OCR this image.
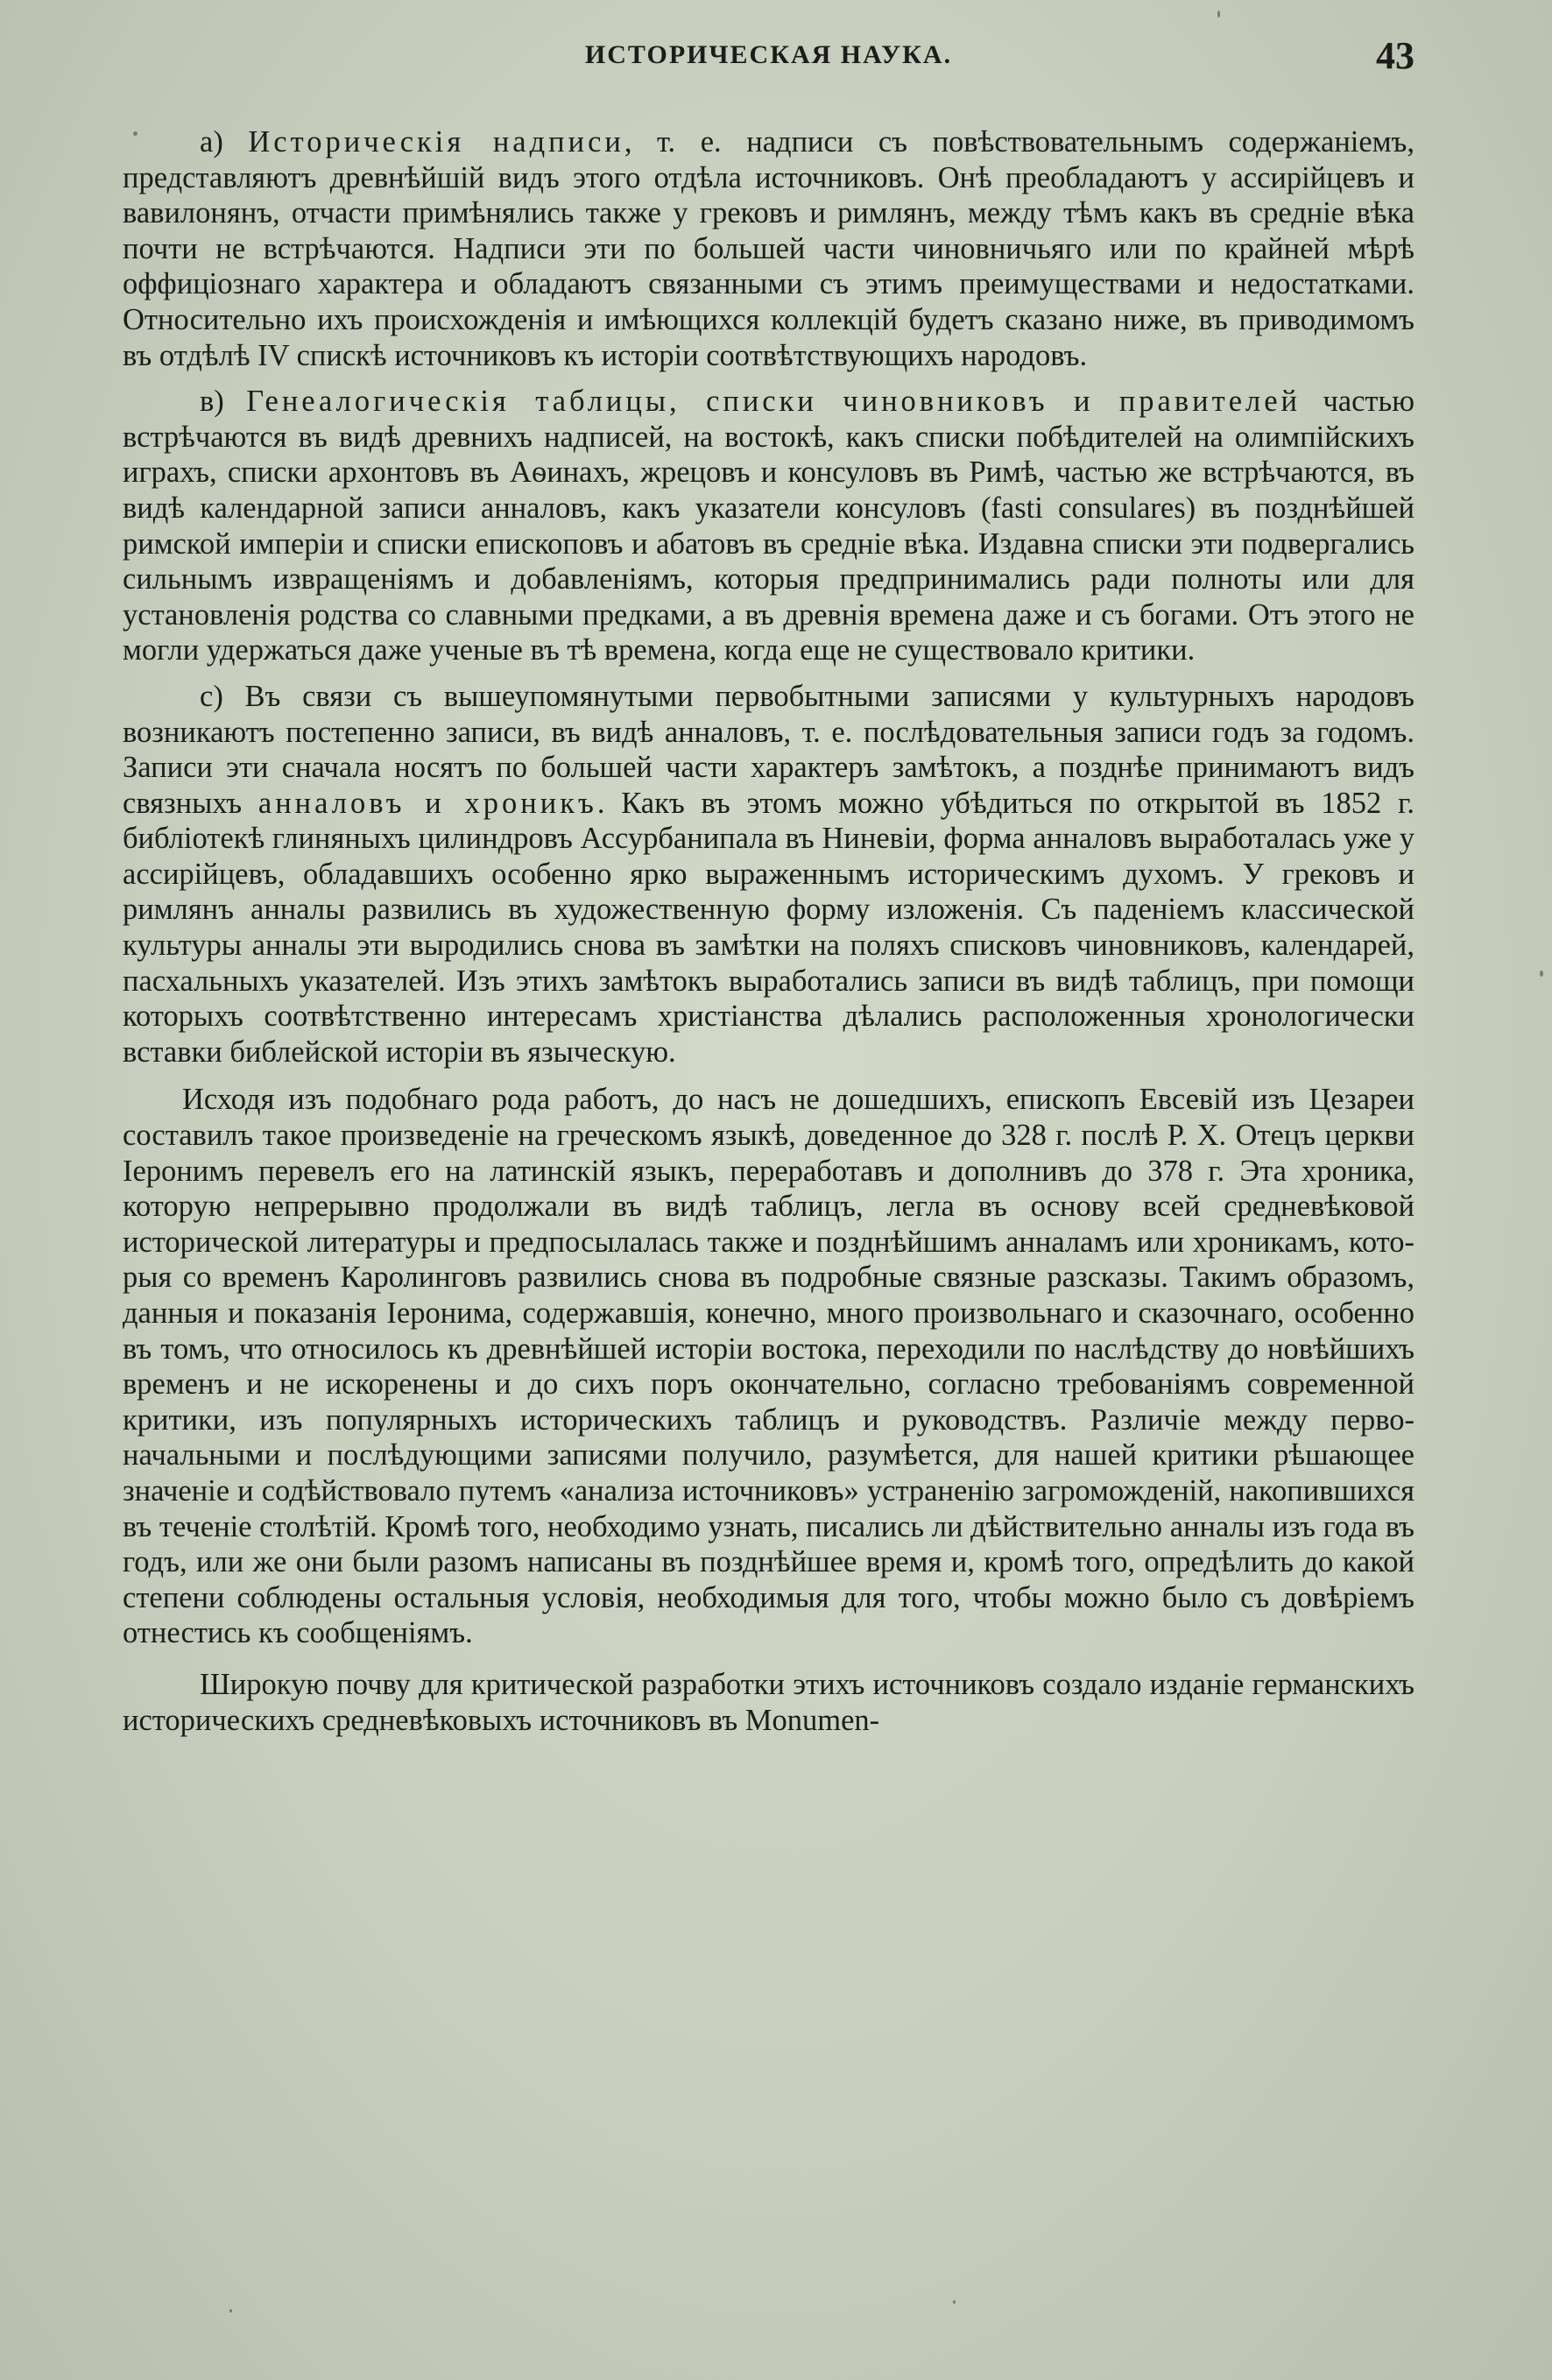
ИСТОРИЧЕСКАЯ НАУКА.	43

а) Историческія надписи, т. е. надписи съ повѣствовательнымъ содержаніемъ, представляютъ древнѣйшій видъ этого отдѣла источниковъ. Онѣ преобладаютъ у ассирійцевъ и вавилонянъ, отчасти примѣнялись также у грековъ и римлянъ, между тѣмъ какъ въ средніе вѣка почти не встрѣчаются. Надписи эти по большей части чиновничьяго или по крайней мѣрѣ оффиціознаго характера и обладаютъ связанными съ этимъ преимуществами и недостатками. Относительно ихъ происхожденія и имѣющихся коллекцій будетъ сказано ниже, въ приводимомъ въ отдѣлѣ IV спискѣ источниковъ къ исторіи соотвѣтствующихъ народовъ.

в) Генеалогическія таблицы, списки чиновниковъ и правителей частью встрѣчаются въ видѣ древнихъ надписей, на востокѣ, какъ списки побѣдителей на олимпійскихъ играхъ, списки архонтовъ въ Аѳинахъ, жрецовъ и консуловъ въ Римѣ, частью же встрѣчаются, въ видѣ календарной записи анналовъ, какъ указатели консуловъ (fasti consulares) въ позднѣйшей римской имперіи и списки епископовъ и абатовъ въ средніе вѣка. Издавна списки эти подвергались сильнымъ извращеніямъ и добавленіямъ, которыя предпринимались ради полноты или для установленія родства со славными предками, а въ древнія времена даже и съ богами. Отъ этого не могли удержаться даже ученые въ тѣ времена, когда еще не существовало критики.

с) Въ связи съ вышеупомянутыми первобытными записями у культурныхъ народовъ возникаютъ постепенно записи, въ видѣ анналовъ, т. е. послѣдовательныя записи годъ за годомъ. Записи эти сначала носятъ по большей части характеръ замѣтокъ, а позднѣе принимаютъ видъ связныхъ анналовъ и хроникъ. Какъ въ этомъ можно убѣдиться по открытой въ 1852 г. библіотекѣ глиняныхъ цилиндровъ Ассурбанипала въ Ниневіи, форма анналовъ выработалась уже у ассирійцевъ, обладавшихъ особенно ярко выраженнымъ историческимъ духомъ. У грековъ и римлянъ анналы развились въ художественную форму изложенія. Съ паденіемъ классической культуры анналы эти выродились снова въ замѣтки на поляхъ списковъ чиновниковъ, календарей, пасхальныхъ указателей. Изъ этихъ замѣтокъ выработались записи въ видѣ таблицъ, при помощи которыхъ соотвѣтственно интересамъ христіанства дѣлались расположенныя хронологически вставки библейской исторіи въ языческую.

Исходя изъ подобнаго рода работъ, до насъ не дошедшихъ, епископъ Евсевій изъ Цезареи составилъ такое произведеніе на греческомъ языкѣ, доведенное до 328 г. послѣ Р. Х. Отецъ церкви Іеронимъ перевелъ его на латинскій языкъ, переработавъ и дополнивъ до 378 г. Эта хроника, которую непрерывно продолжали въ видѣ таблицъ, легла въ основу всей средневѣковой исторической литературы и предпосылалась также и позднѣйшимъ анналамъ или хроникамъ, которыя со временъ Каролинговъ развились снова въ подробные связные разсказы. Такимъ образомъ, данныя и показанія Іеронима, содержавшія, конечно, много произвольнаго и сказочнаго, особенно въ томъ, что относилось къ древнѣйшей исторіи востока, переходили по наслѣдству до новѣйшихъ временъ и не искоренены и до сихъ поръ окончательно, согласно требованіямъ современной критики, изъ популярныхъ историческихъ таблицъ и руководствъ. Различіе между первоначальными и послѣдующими записями получило, разумѣется, для нашей критики рѣшающее значеніе и содѣйствовало путемъ «анализа источниковъ» устраненію загроможденій, накопившихся въ теченіе столѣтій. Кромѣ того, необходимо узнать, писались ли дѣйствительно анналы изъ года въ годъ, или же они были разомъ написаны въ позднѣйшее время и, кромѣ того, опредѣлить до какой степени соблюдены остальныя условія, необходимыя для того, чтобы можно было съ довѣріемъ отнестись къ сообщеніямъ.

Широкую почву для критической разработки этихъ источниковъ создало изданіе германскихъ историческихъ средневѣковыхъ источниковъ въ Monumen-
